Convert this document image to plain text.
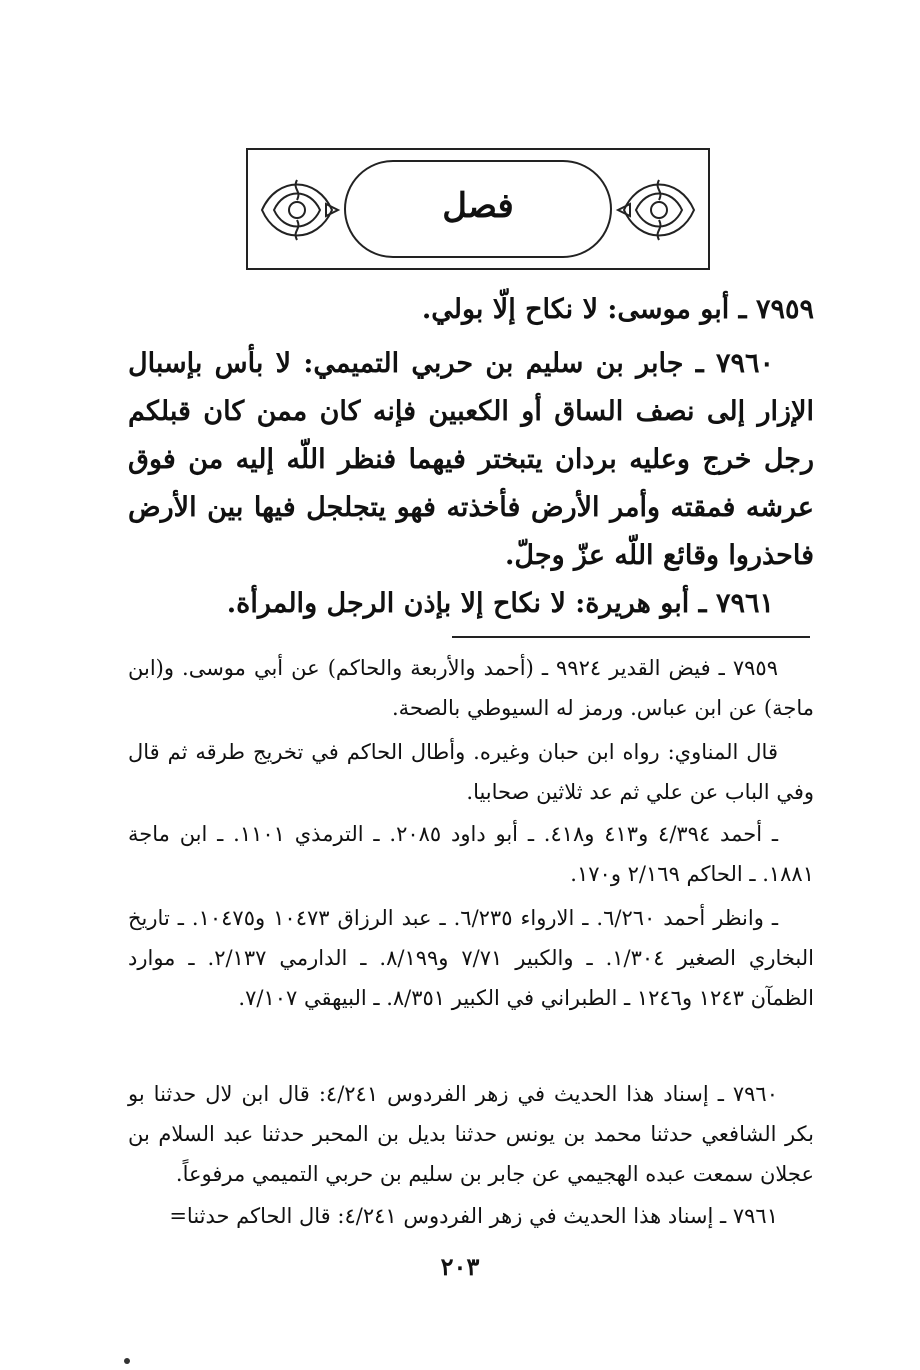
فصل
٧٩٥٩ ـ أبو موسى: لا نكاح إلّا بولي.
٧٩٦٠ ـ جابر بن سليم بن حربي التميمي: لا بأس بإسبال الإزار إلى نصف الساق أو الكعبين فإنه كان ممن كان قبلكم رجل خرج وعليه بردان يتبختر فيهما فنظر اللّه إليه من فوق عرشه فمقته وأمر الأرض فأخذته فهو يتجلجل فيها بين الأرض فاحذروا وقائع اللّه عزّ وجلّ.
٧٩٦١ ـ أبو هريرة: لا نكاح إلا بإذن الرجل والمرأة.

٧٩٥٩ ـ فيض القدير ٩٩٢٤ ـ (أحمد والأربعة والحاكم) عن أبي موسى. و(ابن ماجة) عن ابن عباس. ورمز له السيوطي بالصحة.

قال المناوي: رواه ابن حبان وغيره. وأطال الحاكم في تخريج طرقه ثم قال وفي الباب عن علي ثم عد ثلاثين صحابيا.

ـ أحمد ٤/٣٩٤ و٤١٣ و٤١٨. ـ أبو داود ٢٠٨٥. ـ الترمذي ١١٠١. ـ ابن ماجة ١٨٨١. ـ الحاكم ٢/١٦٩ و١٧٠.

ـ وانظر أحمد ٦/٢٦٠. ـ الارواء ٦/٢٣٥. ـ عبد الرزاق ١٠٤٧٣ و١٠٤٧٥. ـ تاريخ البخاري الصغير ١/٣٠٤. ـ والكبير ٧/٧١ و٨/١٩٩. ـ الدارمي ٢/١٣٧. ـ موارد الظمآن ١٢٤٣ و١٢٤٦ ـ الطبراني في الكبير ٨/٣٥١. ـ البيهقي ٧/١٠٧.

٧٩٦٠ ـ إسناد هذا الحديث في زهر الفردوس ٤/٢٤١: قال ابن لال حدثنا بو بكر الشافعي حدثنا محمد بن يونس حدثنا بديل بن المحبر حدثنا عبد السلام بن عجلان سمعت عبده الهجيمي عن جابر بن سليم بن حربي التميمي مرفوعاً.

٧٩٦١ ـ إسناد هذا الحديث في زهر الفردوس ٤/٢٤١: قال الحاكم حدثنا=

٢٠٣
